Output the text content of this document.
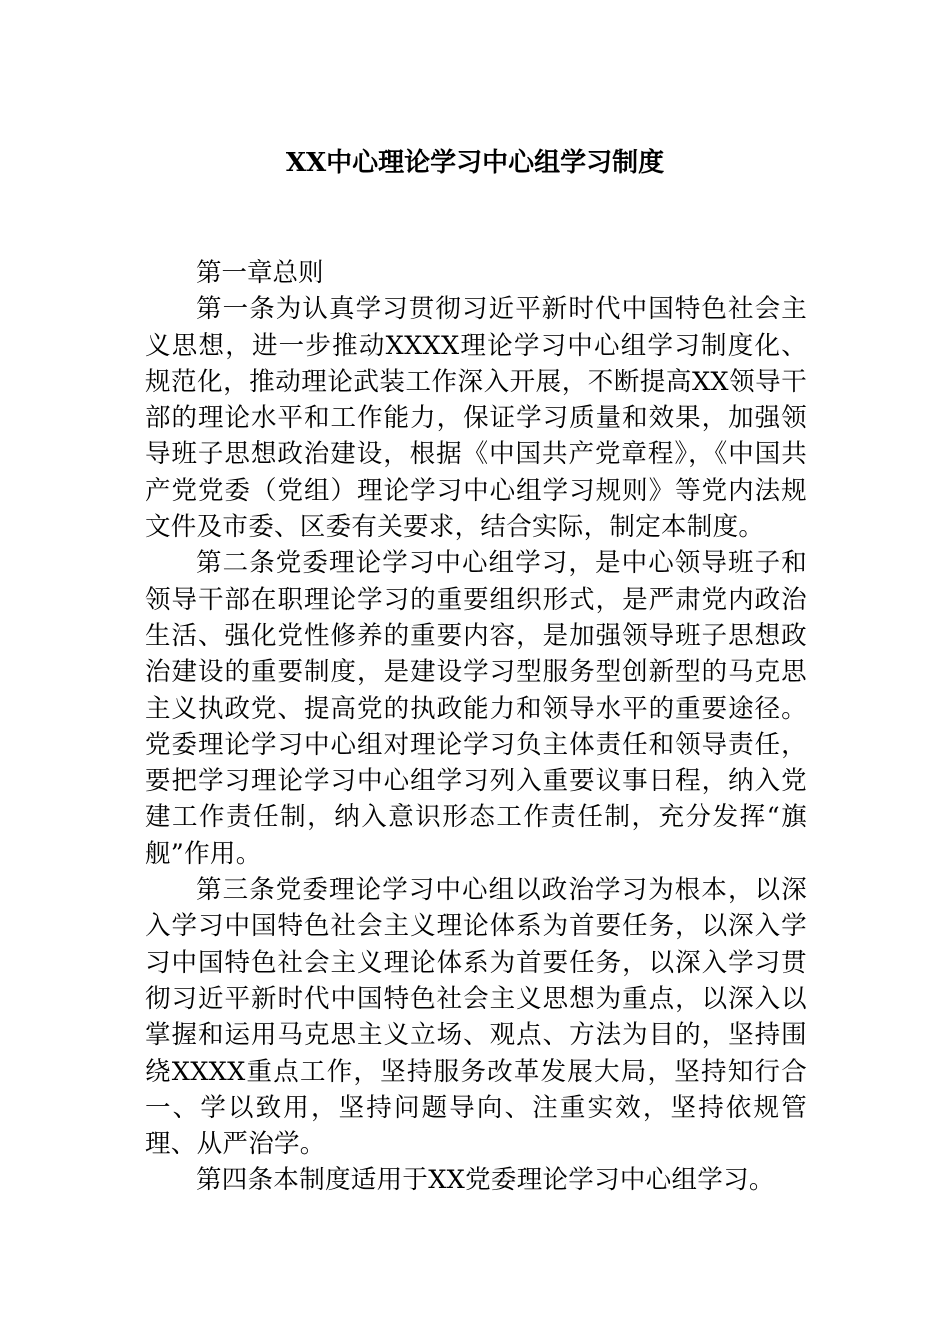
XX中心理论学习中心组学习制度

第一章总则

第一条为认真学习贯彻习近平新时代中国特色社会主义思想，进一步推动XXXX理论学习中心组学习制度化、规范化，推动理论武装工作深入开展，不断提高XX领导干部的理论水平和工作能力，保证学习质量和效果，加强领导班子思想政治建设，根据《中国共产党章程》，《中国共产党党委（党组）理论学习中心组学习规则》等党内法规文件及市委、区委有关要求，结合实际，制定本制度。

第二条党委理论学习中心组学习，是中心领导班子和领导干部在职理论学习的重要组织形式，是严肃党内政治生活、强化党性修养的重要内容，是加强领导班子思想政治建设的重要制度，是建设学习型服务型创新型的马克思主义执政党、提高党的执政能力和领导水平的重要途径。党委理论学习中心组对理论学习负主体责任和领导责任，要把学习理论学习中心组学习列入重要议事日程，纳入党建工作责任制，纳入意识形态工作责任制，充分发挥“旗舰”作用。

第三条党委理论学习中心组以政治学习为根本，以深入学习中国特色社会主义理论体系为首要任务，以深入学习中国特色社会主义理论体系为首要任务，以深入学习贯彻习近平新时代中国特色社会主义思想为重点，以深入以掌握和运用马克思主义立场、观点、方法为目的，坚持围绕XXXX重点工作，坚持服务改革发展大局，坚持知行合一、学以致用，坚持问题导向、注重实效，坚持依规管理、从严治学。

第四条本制度适用于XX党委理论学习中心组学习。
